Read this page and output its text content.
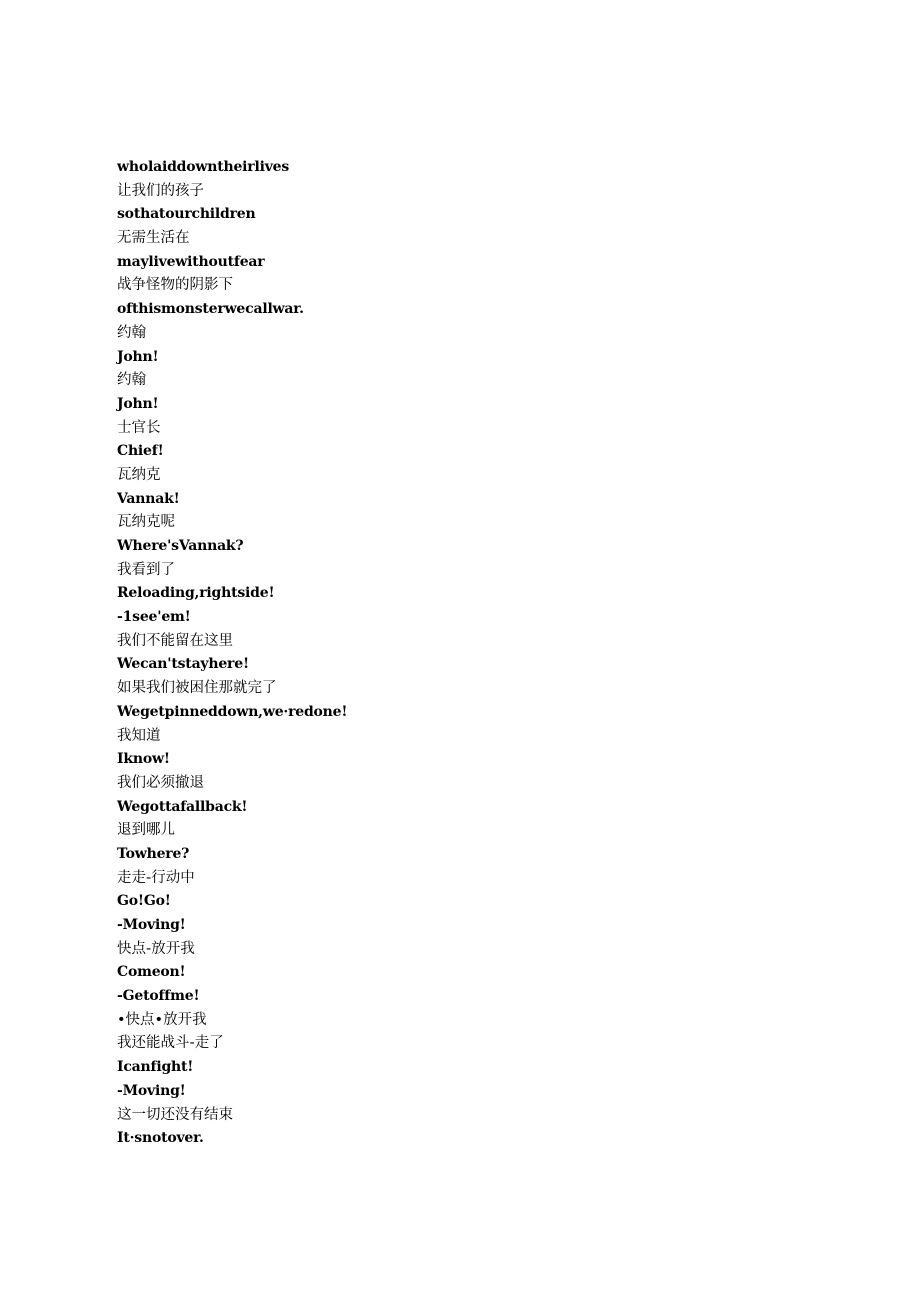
wholaiddowntheirlives
让我们的孩子
sothatourchildren
无需生活在
maylivewithoutfear
战争怪物的阴影下
ofthismonsterwecallwar.
约翰
John!
约翰
John!
士官长
Chief!
瓦纳克
Vannak!
瓦纳克呢
Where'sVannak?
我看到了
Reloading,rightside!
-1see'em!
我们不能留在这里
Wecan'tstayhere!
如果我们被困住那就完了
Wegetpinneddown,we·redone!
我知道
Iknow!
我们必须撤退
Wegottafallback!
退到哪儿
Towhere?
走走-行动中
Go!Go!
-Moving!
快点-放开我
Comeon!
-Getoffme!
•快点•放开我
我还能战斗-走了
Icanfight!
-Moving!
这一切还没有结束
It·snotover.
